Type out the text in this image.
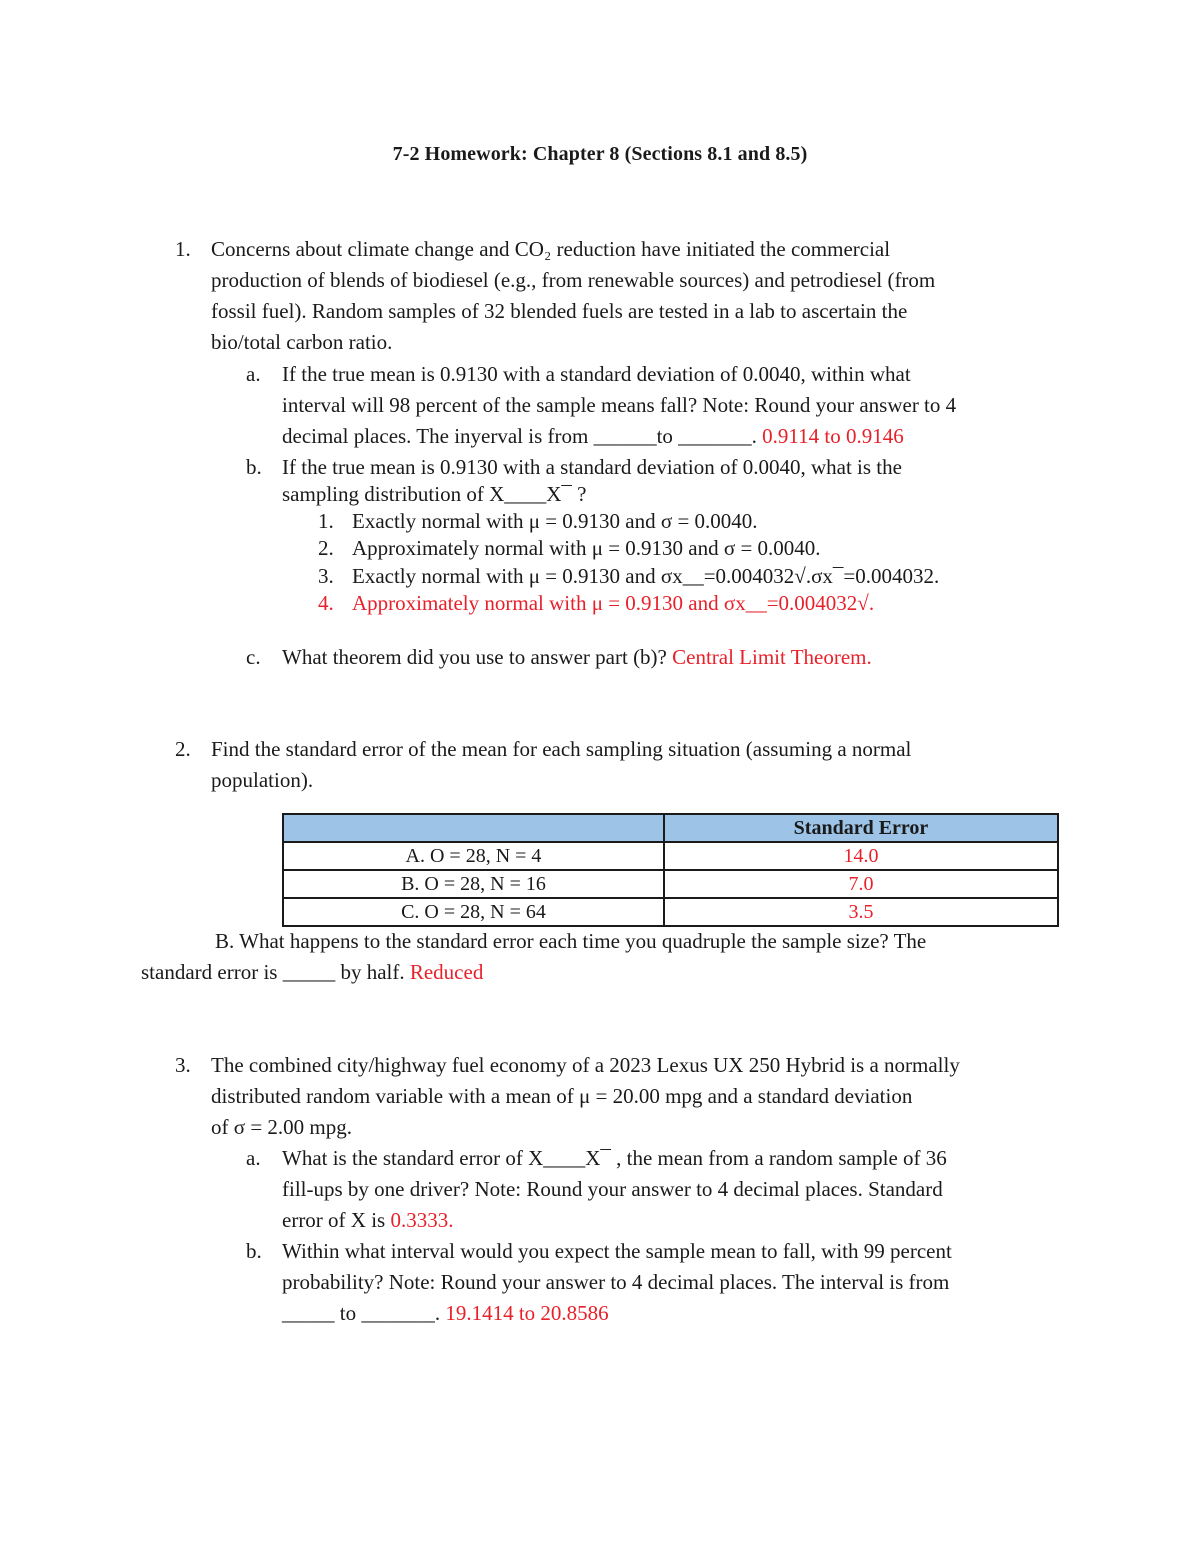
7-2 Homework: Chapter 8 (Sections 8.1 and 8.5)
1. Concerns about climate change and CO₂ reduction have initiated the commercial
production of blends of biodiesel (e.g., from renewable sources) and petrodiesel (from
fossil fuel). Random samples of 32 blended fuels are tested in a lab to ascertain the
bio/total carbon ratio.
a. If the true mean is 0.9130 with a standard deviation of 0.0040, within what
interval will 98 percent of the sample means fall? Note: Round your answer to 4
decimal places. The inyerval is from ______to _______. 0.9114 to 0.9146
b. If the true mean is 0.9130 with a standard deviation of 0.0040, what is the
sampling distribution of X____X¯ ?
1. Exactly normal with μ = 0.9130 and σ = 0.0040.
2. Approximately normal with μ = 0.9130 and σ = 0.0040.
3. Exactly normal with μ = 0.9130 and σx__=0.004032√.σx¯=0.004032.
4. Approximately normal with μ = 0.9130 and σx__=0.004032√.
c. What theorem did you use to answer part (b)? Central Limit Theorem.
2. Find the standard error of the mean for each sampling situation (assuming a normal
population).
	Standard Error
A. O = 28, N = 4	14.0
B. O = 28, N = 16	7.0
C. O = 28, N = 64	3.5
B. What happens to the standard error each time you quadruple the sample size? The
standard error is _____ by half. Reduced
3. The combined city/highway fuel economy of a 2023 Lexus UX 250 Hybrid is a normally
distributed random variable with a mean of μ = 20.00 mpg and a standard deviation
of σ = 2.00 mpg.
a. What is the standard error of X____X¯ , the mean from a random sample of 36
fill-ups by one driver? Note: Round your answer to 4 decimal places. Standard
error of X is 0.3333.
b. Within what interval would you expect the sample mean to fall, with 99 percent
probability? Note: Round your answer to 4 decimal places. The interval is from
_____ to _______. 19.1414 to 20.8586
